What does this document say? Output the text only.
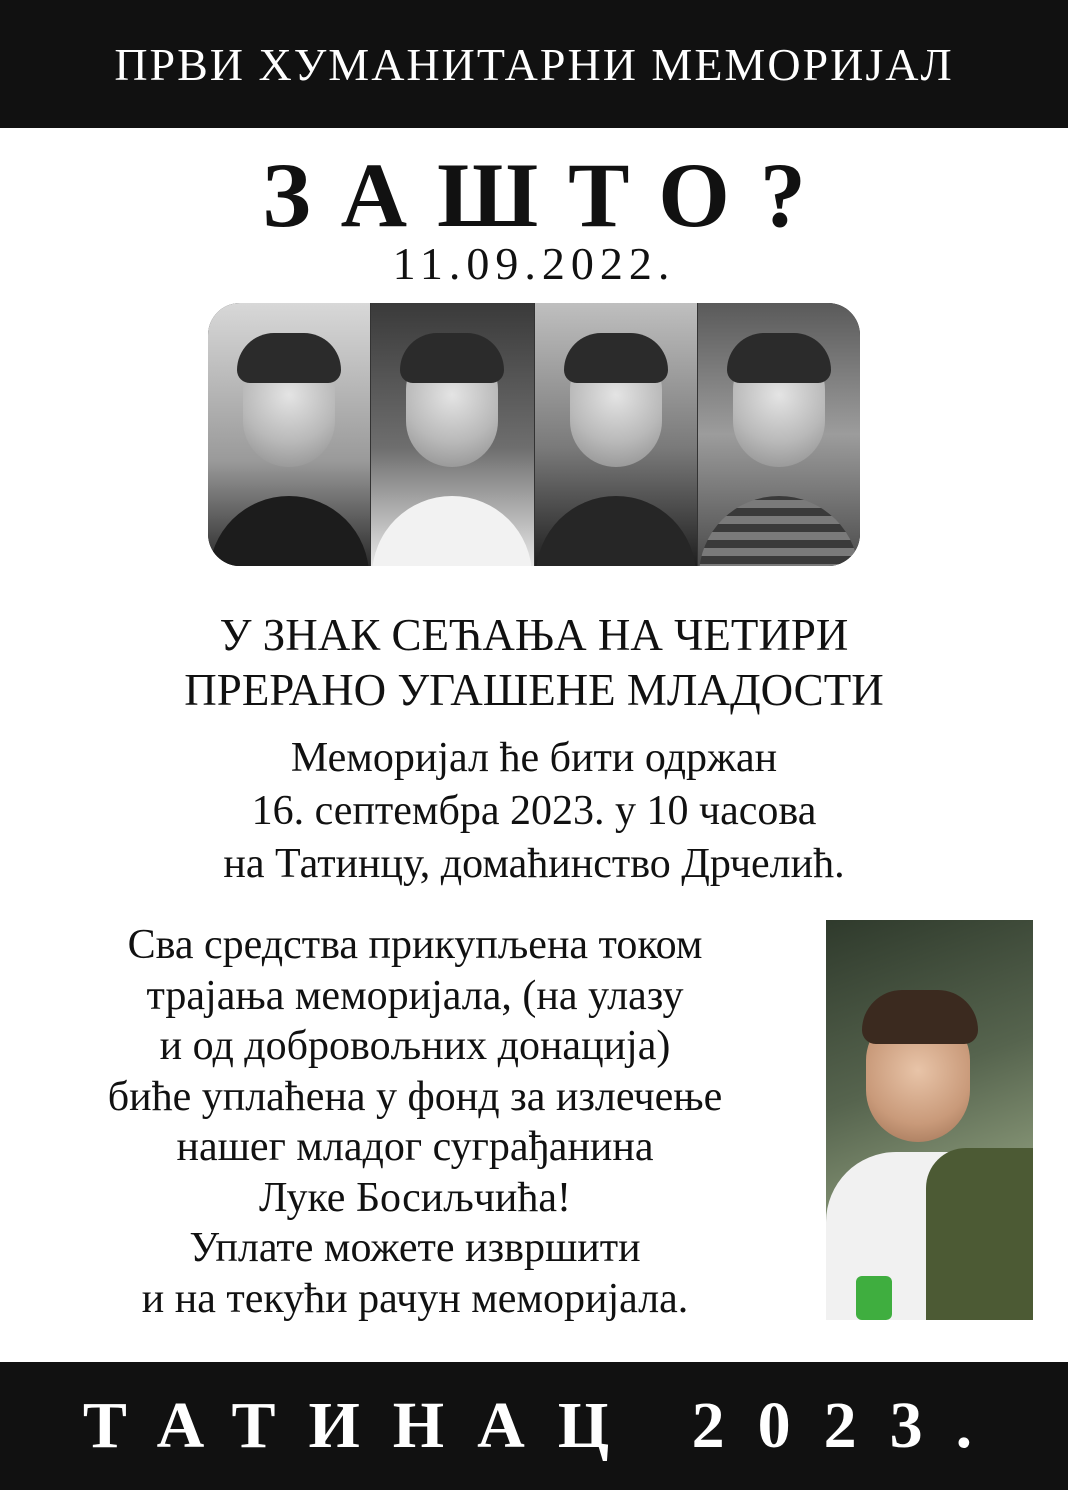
ПРВИ ХУМАНИТАРНИ МЕМОРИЈАЛ
ЗАШТО?
11.09.2022.
У ЗНАК СЕЋАЊА НА ЧЕТИРИ
ПРЕРАНО УГАШЕНЕ МЛАДОСТИ
Меморијал ће бити одржан
16. септембра 2023. у 10 часова
на Татинцу, домаћинство Дрчелић.
Сва средства прикупљена током
трајања меморијала, (на улазу
и од добровољних донација)
биће уплаћена у фонд за излечење
нашег младог суграђанина
Луке Босиљчића!
Уплате можете извршити
и на текући рачун меморијала.
ТАТИНАЦ 2023.
